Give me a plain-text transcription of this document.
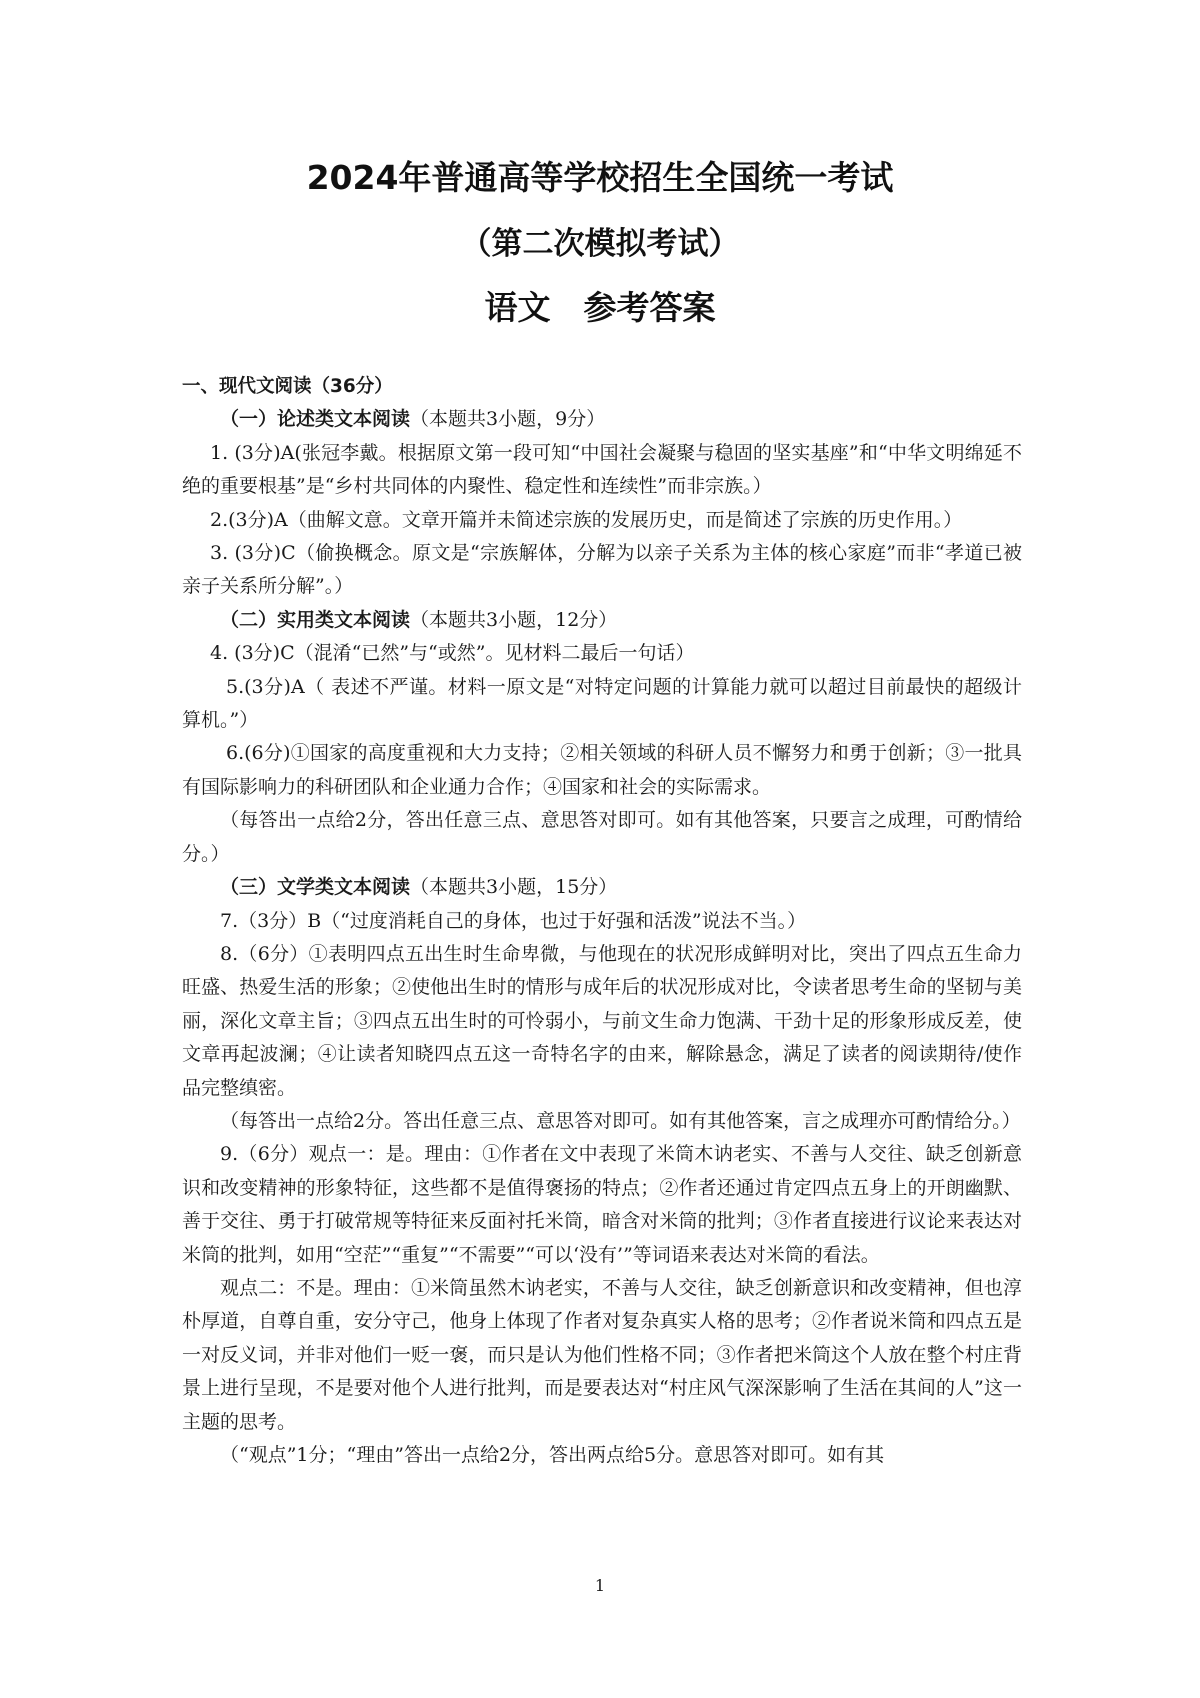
2024年普通高等学校招生全国统一考试
（第二次模拟考试）
语文　参考答案

一、现代文阅读（36分）

（一）论述类文本阅读（本题共3小题，9分）

1. (3分)A(张冠李戴。根据原文第一段可知“中国社会凝聚与稳固的坚实基座”和“中华文明绵延不绝的重要根基”是“乡村共同体的内聚性、稳定性和连续性”而非宗族。）

2.(3分)A（曲解文意。文章开篇并未简述宗族的发展历史，而是简述了宗族的历史作用。）

3. (3分)C（偷换概念。原文是“宗族解体，分解为以亲子关系为主体的核心家庭”而非“孝道已被亲子关系所分解”。）

（二）实用类文本阅读（本题共3小题，12分）

4. (3分)C（混淆“已然”与“或然”。见材料二最后一句话）

5.(3分)A（ 表述不严谨。材料一原文是“对特定问题的计算能力就可以超过目前最快的超级计算机。”）

6.(6分)①国家的高度重视和大力支持；②相关领域的科研人员不懈努力和勇于创新；③一批具有国际影响力的科研团队和企业通力合作；④国家和社会的实际需求。

（每答出一点给2分，答出任意三点、意思答对即可。如有其他答案，只要言之成理，可酌情给分。）

（三）文学类文本阅读（本题共3小题，15分）

7.（3分）B（“过度消耗自己的身体，也过于好强和活泼”说法不当。）

8.（6分）①表明四点五出生时生命卑微，与他现在的状况形成鲜明对比，突出了四点五生命力旺盛、热爱生活的形象；②使他出生时的情形与成年后的状况形成对比，令读者思考生命的坚韧与美丽，深化文章主旨；③四点五出生时的可怜弱小，与前文生命力饱满、干劲十足的形象形成反差，使文章再起波澜；④让读者知晓四点五这一奇特名字的由来，解除悬念，满足了读者的阅读期待/使作品完整缜密。

（每答出一点给2分。答出任意三点、意思答对即可。如有其他答案，言之成理亦可酌情给分。）

9.（6分）观点一：是。理由：①作者在文中表现了米筒木讷老实、不善与人交往、缺乏创新意识和改变精神的形象特征，这些都不是值得褒扬的特点；②作者还通过肯定四点五身上的开朗幽默、善于交往、勇于打破常规等特征来反面衬托米筒，暗含对米筒的批判；③作者直接进行议论来表达对米筒的批判，如用“空茫”“重复”“不需要”“可以‘没有’”等词语来表达对米筒的看法。

观点二：不是。理由：①米筒虽然木讷老实，不善与人交往，缺乏创新意识和改变精神，但也淳朴厚道，自尊自重，安分守己，他身上体现了作者对复杂真实人格的思考；②作者说米筒和四点五是一对反义词，并非对他们一贬一褒，而只是认为他们性格不同；③作者把米筒这个人放在整个村庄背景上进行呈现，不是要对他个人进行批判，而是要表达对“村庄风气深深影响了生活在其间的人”这一主题的思考。

（“观点”1分；“理由”答出一点给2分，答出两点给5分。意思答对即可。如有其

1
